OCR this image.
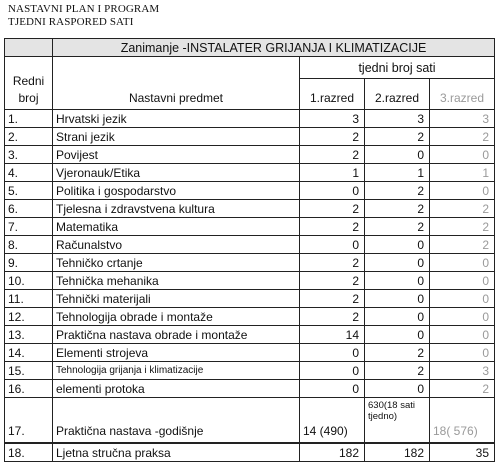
NASTAVNI PLAN I PROGRAM
TJEDNI RASPORED SATI
	Zanimanje -INSTALATER GRIJANJA I KLIMATIZACIJE			
Redni
broj	Nastavni predmet	tjedni broj sati		
		1.razred	2.razred	3.razred
1.	Hrvatski jezik	3	3	3
2.	Strani jezik	2	2	2
3.	Povijest	2	0	0
4.	Vjeronauk/Etika	1	1	1
5.	Politika i gospodarstvo	0	2	0
6.	Tjelesna i zdravstvena kultura	2	2	2
7.	Matematika	2	2	2
8.	Računalstvo	0	0	2
9.	Tehničko crtanje	2	0	0
10.	Tehnička mehanika	2	0	0
11.	Tehnički materijali	2	0	0
12.	Tehnologija obrade i montaže	2	0	0
13.	Praktična nastava obrade i montaže	14	0	0
14.	Elementi strojeva	0	2	0
15.	Tehnologija grijanja i klimatizacije	0	2	3
16.	elementi protoka	0	0	2
17.	Praktična nastava -godišnje	14 (490)	630(18 sati tjedno)	18( 576)
18.	Ljetna stručna praksa	182	182	35
